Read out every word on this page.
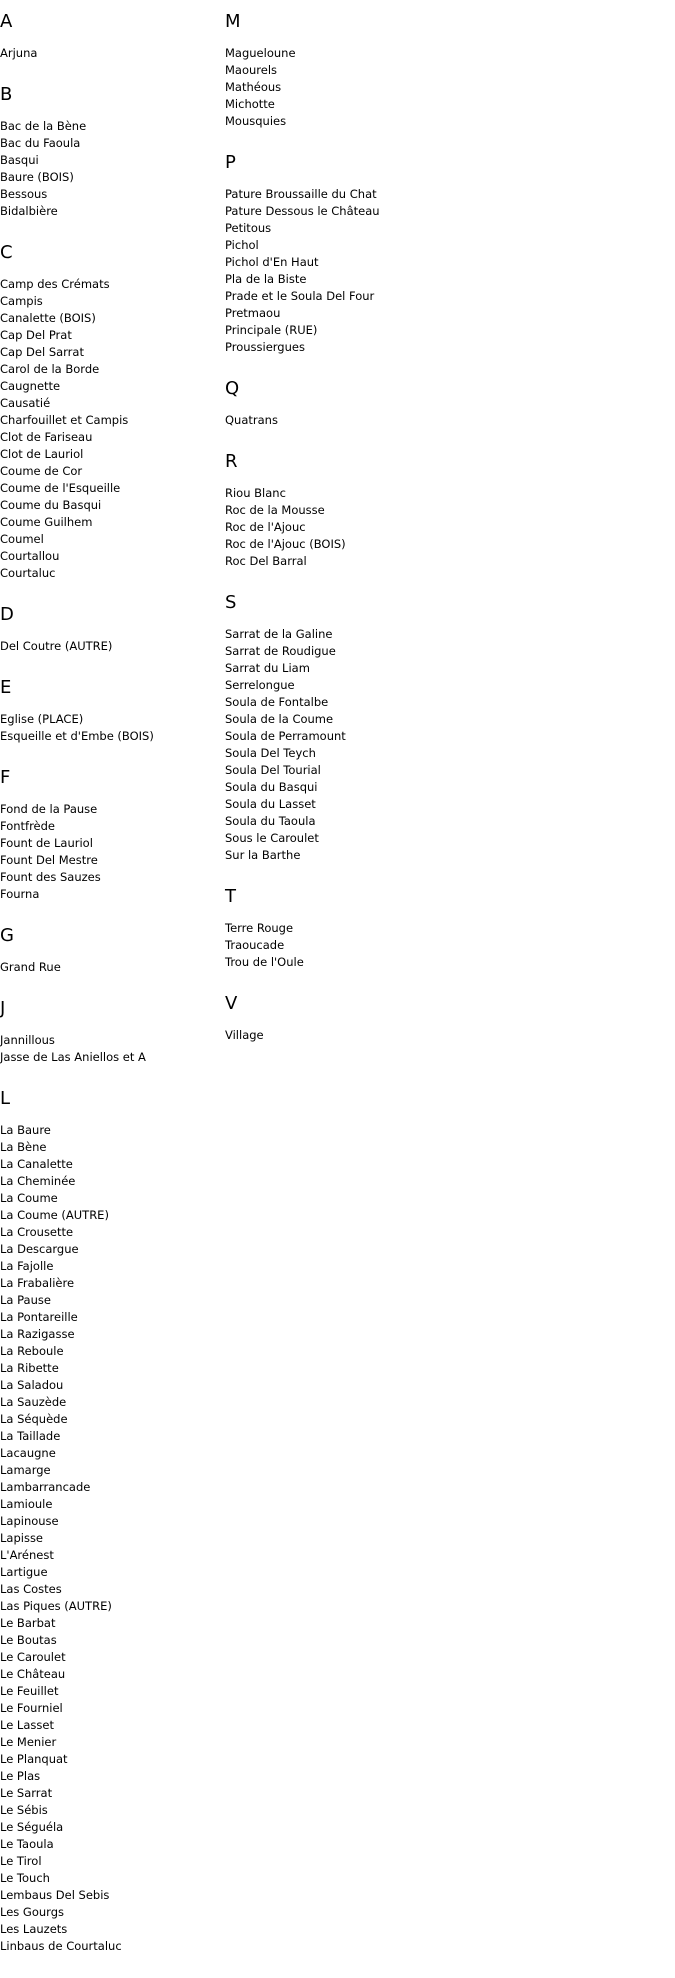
A
Arjuna
B
Bac de la Bène
Bac du Faoula
Basqui
Baure (BOIS)
Bessous
Bidalbière
C
Camp des Crémats
Campis
Canalette (BOIS)
Cap Del Prat
Cap Del Sarrat
Carol de la Borde
Caugnette
Causatié
Charfouillet et Campis
Clot de Fariseau
Clot de Lauriol
Coume de Cor
Coume de l'Esqueille
Coume du Basqui
Coume Guilhem
Coumel
Courtallou
Courtaluc
D
Del Coutre (AUTRE)
E
Eglise (PLACE)
Esqueille et d'Embe (BOIS)
F
Fond de la Pause
Fontfrède
Fount de Lauriol
Fount Del Mestre
Fount des Sauzes
Fourna
G
Grand Rue
J
Jannillous
Jasse de Las Aniellos et A
L
La Baure
La Bène
La Canalette
La Cheminée
La Coume
La Coume (AUTRE)
La Crousette
La Descargue
La Fajolle
La Frabalière
La Pause
La Pontareille
La Razigasse
La Reboule
La Ribette
La Saladou
La Sauzède
La Séquède
La Taillade
Lacaugne
Lamarge
Lambarrancade
Lamioule
Lapinouse
Lapisse
L'Arénest
Lartigue
Las Costes
Las Piques (AUTRE)
Le Barbat
Le Boutas
Le Caroulet
Le Château
Le Feuillet
Le Fourniel
Le Lasset
Le Menier
Le Planquat
Le Plas
Le Sarrat
Le Sébis
Le Séguéla
Le Taoula
Le Tirol
Le Touch
Lembaus Del Sebis
Les Gourgs
Les Lauzets
Linbaus de Courtaluc
M
Magueloune
Maourels
Mathéous
Michotte
Mousquies
P
Pature Broussaille du Chat
Pature Dessous le Château
Petitous
Pichol
Pichol d'En Haut
Pla de la Biste
Prade et le Soula Del Four
Pretmaou
Principale (RUE)
Proussiergues
Q
Quatrans
R
Riou Blanc
Roc de la Mousse
Roc de l'Ajouc
Roc de l'Ajouc (BOIS)
Roc Del Barral
S
Sarrat de la Galine
Sarrat de Roudigue
Sarrat du Liam
Serrelongue
Soula de Fontalbe
Soula de la Coume
Soula de Perramount
Soula Del Teych
Soula Del Tourial
Soula du Basqui
Soula du Lasset
Soula du Taoula
Sous le Caroulet
Sur la Barthe
T
Terre Rouge
Traoucade
Trou de l'Oule
V
Village
